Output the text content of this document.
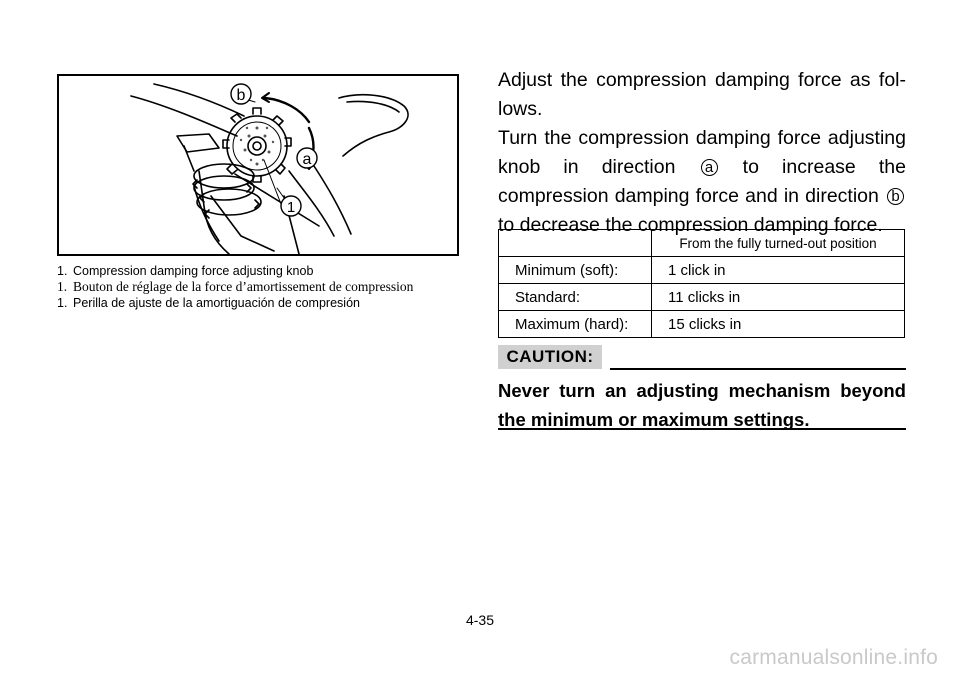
b
a
1
1. Compression damping force adjusting knob
1. Bouton de réglage de la force d’amortissement de compression
1. Perilla de ajuste de la amortiguación de compresión

Adjust the compression damping force as fol-lows.

Turn the compression damping force adjusting knob in direction a to increase the compression damping force and in direction b to decrease the compression damping force.

	From the fully turned-out position
Minimum (soft):	1 click in
Standard:	11 clicks in
Maximum (hard):	15 clicks in
CAUTION:

Never turn an adjusting mechanism beyond the minimum or maximum settings.

4-35
carmanualsonline.info
